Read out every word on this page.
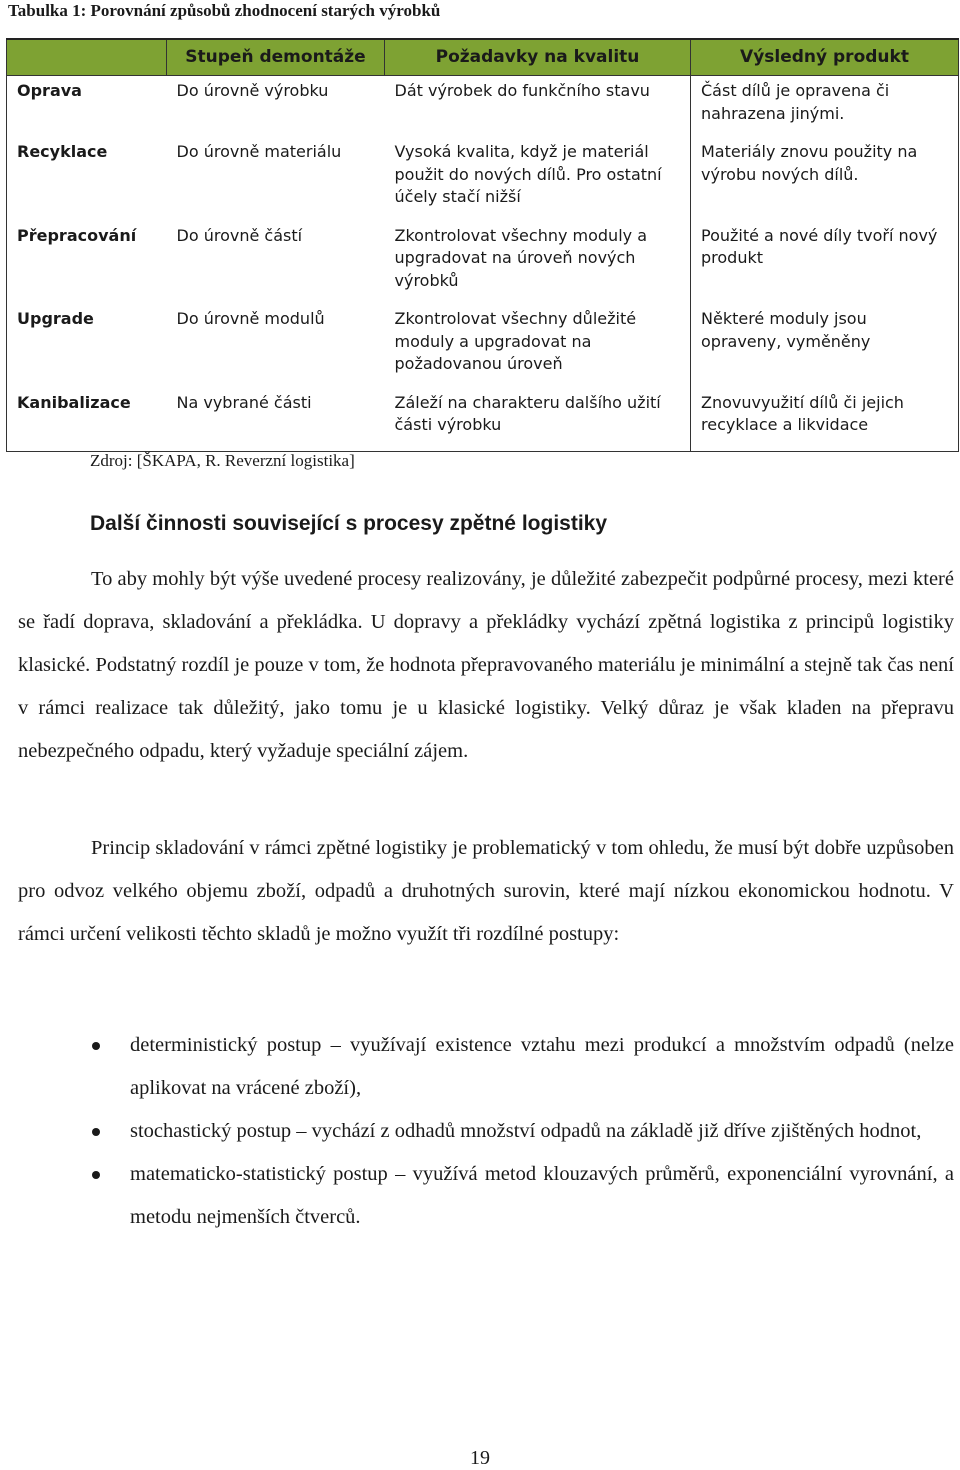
Tabulka 1: Porovnání způsobů zhodnocení starých výrobků
	Stupeň demontáže	Požadavky na kvalitu	Výsledný produkt
Oprava	Do úrovně výrobku	Dát výrobek do funkčního stavu	Část dílů je opravena či nahrazena jinými.
Recyklace	Do úrovně materiálu	Vysoká kvalita, když je materiál použit do nových dílů. Pro ostatní účely stačí nižší	Materiály znovu použity na výrobu nových dílů.
Přepracování	Do úrovně částí	Zkontrolovat všechny moduly a upgradovat na úroveň nových výrobků	Použité a nové díly tvoří nový produkt
Upgrade	Do úrovně modulů	Zkontrolovat všechny důležité moduly a upgradovat na požadovanou úroveň	Některé moduly jsou opraveny, vyměněny
Kanibalizace	Na vybrané části	Záleží na charakteru dalšího užití části výrobku	Znovuvyužití dílů či jejich recyklace a likvidace
Zdroj: [ŠKAPA, R. Reverzní logistika]
Další činnosti související s procesy zpětné logistiky

To aby mohly být výše uvedené procesy realizovány, je důležité zabezpečit podpůrné procesy, mezi které se řadí doprava, skladování a překládka. U dopravy a překládky vychází zpětná logistika z principů logistiky klasické. Podstatný rozdíl je pouze v tom, že hodnota přepravovaného materiálu je minimální a stejně tak čas není v rámci realizace tak důležitý, jako tomu je u klasické logistiky. Velký důraz je však kladen na přepravu nebezpečného odpadu, který vyžaduje speciální zájem.

Princip skladování v rámci zpětné logistiky je problematický v tom ohledu, že musí být dobře uzpůsoben pro odvoz velkého objemu zboží, odpadů a druhotných surovin, které mají nízkou ekonomickou hodnotu. V rámci určení velikosti těchto skladů je možno využít tři rozdílné postupy:

deterministický postup – využívají existence vztahu mezi produkcí a množstvím odpadů (nelze aplikovat na vrácené zboží),
stochastický postup – vychází z odhadů množství odpadů na základě již dříve zjištěných hodnot,
matematicko-statistický postup – využívá metod klouzavých průměrů, exponenciální vyrovnání, a metodu nejmenších čtverců.
19
